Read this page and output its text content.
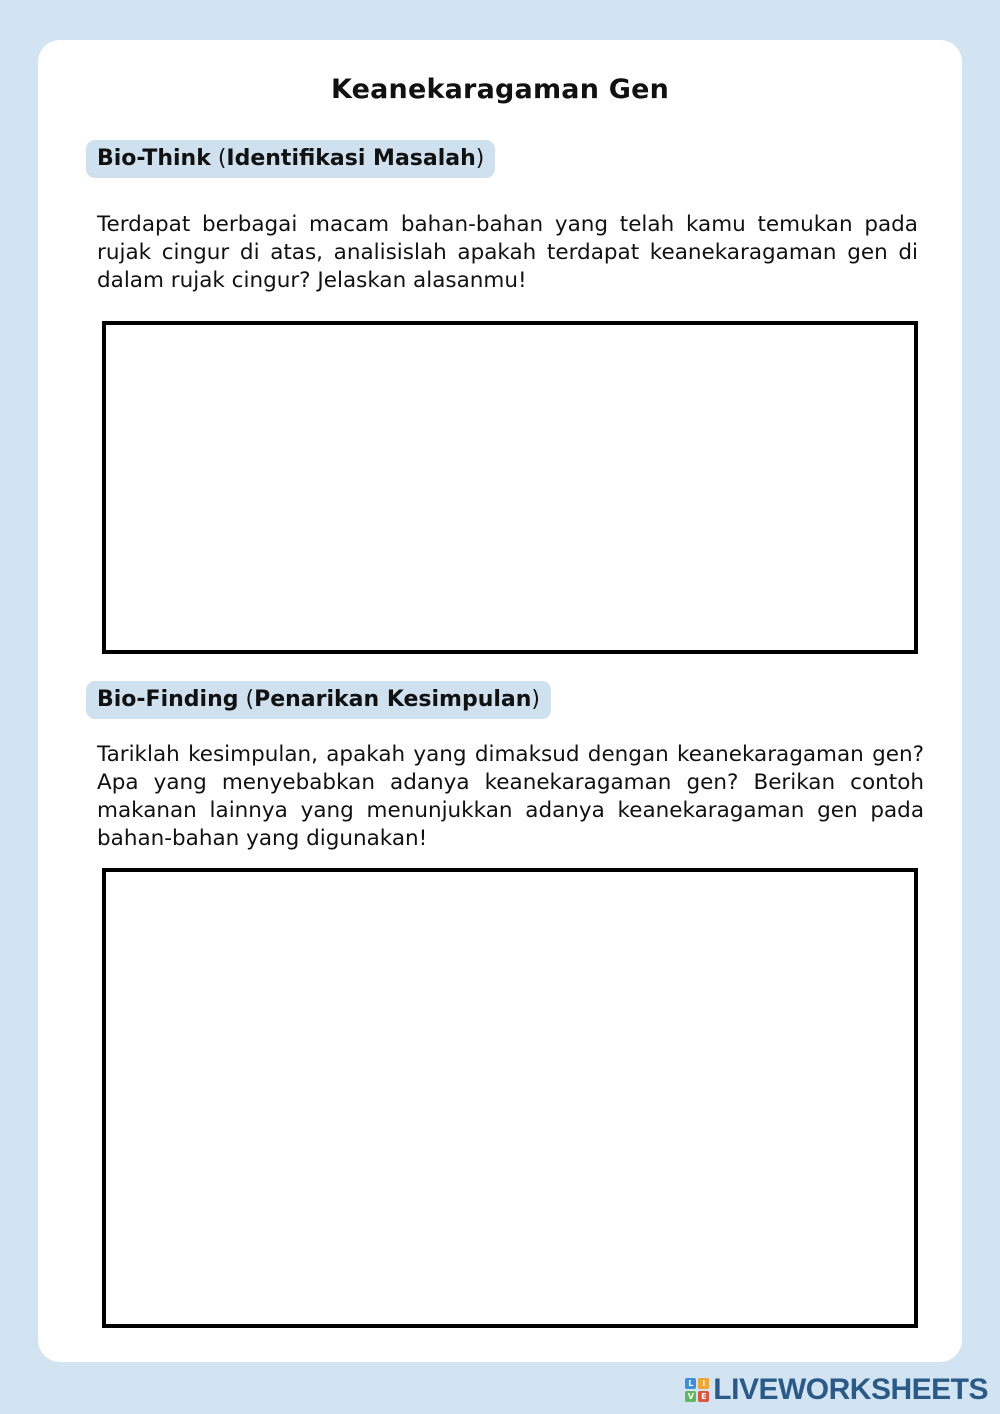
Keanekaragaman Gen
Bio-Think (Identifikasi Masalah)
Terdapat berbagai macam bahan-bahan yang telah kamu temukan pada rujak cingur di atas, analisislah apakah terdapat keanekaragaman gen di dalam rujak cingur? Jelaskan alasanmu!
Bio-Finding (Penarikan Kesimpulan)
Tariklah kesimpulan, apakah yang dimaksud dengan keanekaragaman gen? Apa yang menyebabkan adanya keanekaragaman gen? Berikan contoh makanan lainnya yang menunjukkan adanya keanekaragaman gen pada bahan-bahan yang digunakan!
L	I
V E LIVEWORKSHEETS
